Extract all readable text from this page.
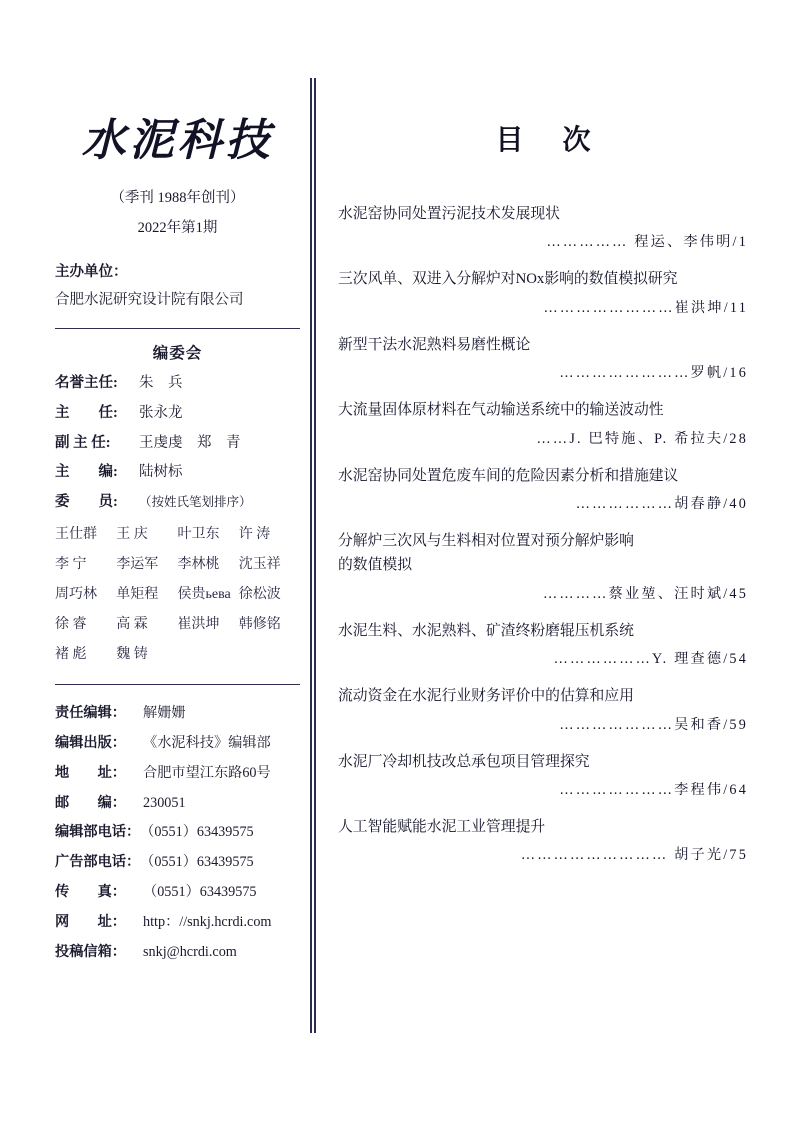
水泥科技
（季刊 1988年创刊）
2022年第1期
主办单位：
合肥水泥研究设计院有限公司
编委会
名誉主任:	朱　兵
主　　任:	张永龙
副 主 任:	王虔虔　郑　青
主　　编:	陆树标
委　　员:	（按姓氏笔划排序）
王仕群	王 庆	叶卫东	许 涛
李 宁	李运军	李林桃	沈玉祥
周巧林	单矩程	侯贵ьева 徐松波
徐 睿	高 霖	崔洪坤	韩修铭
褚 彪	魏 铸
责任编辑：	解姗姗
编辑出版：	《水泥科技》编辑部
地　　址：	合肥市望江东路60号
邮　　编：	230051
编辑部电话： （0551）63439575
广告部电话： （0551）63439575
传　　真：	（0551）63439575
网　　址：	http：//snkj.hcrdi.com
投稿信箱：	snkj@hcrdi.com
目 次
水泥窑协同处置污泥技术发展现状
…………… 程运、李伟明/1
三次风单、双进入分解炉对NOx影响的数值模拟研究
……………………崔洪坤/11
新型干法水泥熟料易磨性概论
……………………罗帆/16
大流量固体原材料在气动输送系统中的输送波动性
……J. 巴特施、P. 希拉夫/28
水泥窑协同处置危废车间的危险因素分析和措施建议
………………胡春静/40
分解炉三次风与生料相对位置对预分解炉影响
的数值模拟
…………蔡业堃、汪时斌/45
水泥生料、水泥熟料、矿渣终粉磨辊压机系统
………………Y. 理查德/54
流动资金在水泥行业财务评价中的估算和应用
…………………吴和香/59
水泥厂冷却机技改总承包项目管理探究
…………………李程伟/64
人工智能赋能水泥工业管理提升
……………………… 胡子光/75
